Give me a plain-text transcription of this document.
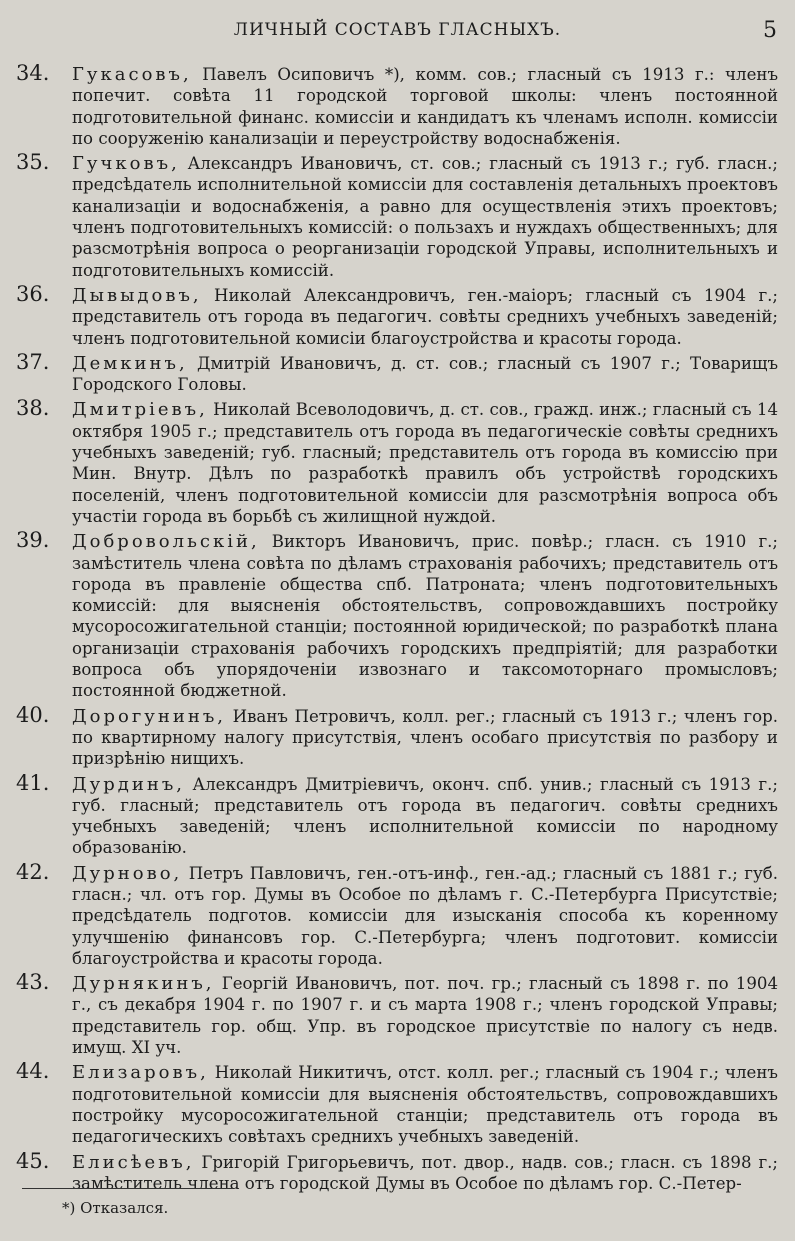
ЛИЧНЫЙ СОСТАВЪ ГЛАСНЫХЪ.	5
34. Гукасовъ, Павелъ Осиповичъ *), комм. сов.; гласный съ 1913 г.: членъ попечит. совѣта 11 городской торговой школы: членъ постоянной подготовительной финанс. комиссіи и кандидатъ къ членамъ исполн. комиссіи по сооруженію канализаціи и переустройству водоснабженія.
35. Гучковъ, Александръ Ивановичъ, ст. сов.; гласный съ 1913 г.; губ. гласн.; предсѣдатель исполнительной комиссіи для составленія детальныхъ проектовъ канализаціи и водоснабженія, а равно для осуществленія этихъ проектовъ; членъ подготовительныхъ комиссій: о пользахъ и нуждахъ общественныхъ; для разсмотрѣнія вопроса о реорганизаціи городской Управы, исполнительныхъ и подготовительныхъ комиссій.
36. Дывыдовъ, Николай Александровичъ, ген.-маіоръ; гласный съ 1904 г.; представитель отъ города въ педагогич. совѣты среднихъ учебныхъ заведеній; членъ подготовительной комисіи благоустройства и красоты города.
37. Демкинъ, Дмитрій Ивановичъ, д. ст. сов.; гласный съ 1907 г.; Товарищъ Городского Головы.
38. Дмитріевъ, Николай Всеволодовичъ, д. ст. сов., гражд. инж.; гласный съ 14 октября 1905 г.; представитель отъ города въ педагогическіе совѣты среднихъ учебныхъ заведеній; губ. гласный; представитель отъ города въ комиссію при Мин. Внутр. Дѣлъ по разработкѣ правилъ объ устройствѣ городскихъ поселеній, членъ подготовительной комиссіи для разсмотрѣнія вопроса объ участіи города въ борьбѣ съ жилищной нуждой.
39. Добровольскій, Викторъ Ивановичъ, прис. повѣр.; гласн. съ 1910 г.; замѣститель члена совѣта по дѣламъ страхованія рабочихъ; представитель отъ города въ правленіе общества спб. Патроната; членъ подготовительныхъ комиссій: для выясненія обстоятельствъ, сопровождавшихъ постройку мусоросожигательной станціи; постоянной юридической; по разработкѣ плана организаціи страхованія рабочихъ городскихъ предпріятій; для разработки вопроса объ упорядоченіи извознаго и таксомоторнаго промысловъ; постоянной бюджетной.
40. Дорогунинъ, Иванъ Петровичъ, колл. рег.; гласный съ 1913 г.; членъ гор. по квартирному налогу присутствія, членъ особаго присутствія по разбору и призрѣнію нищихъ.
41. Дурдинъ, Александръ Дмитріевичъ, оконч. спб. унив.; гласный съ 1913 г.; губ. гласный; представитель отъ города въ педагогич. совѣты среднихъ учебныхъ заведеній; членъ исполнительной комиссіи по народному образованію.
42. Дурново, Петръ Павловичъ, ген.-отъ-инф., ген.-ад.; гласный съ 1881 г.; губ. гласн.; чл. отъ гор. Думы въ Особое по дѣламъ г. С.-Петербурга Присутствіе; предсѣдатель подготов. комиссіи для изысканія способа къ коренному улучшенію финансовъ гор. С.-Петербурга; членъ подготовит. комиссіи благоустройства и красоты города.
43. Дурнякинъ, Георгій Ивановичъ, пот. поч. гр.; гласный съ 1898 г. по 1904 г., съ декабря 1904 г. по 1907 г. и съ марта 1908 г.; членъ городской Управы; представитель гор. общ. Упр. въ городское присутствіе по налогу съ недв. имущ. XI уч.
44. Елизаровъ, Николай Никитичъ, отст. колл. рег.; гласный съ 1904 г.; членъ подготовительной комиссіи для выясненія обстоятельствъ, сопровождавшихъ постройку мусоросожигательной станціи; представитель отъ города въ педагогическихъ совѣтахъ среднихъ учебныхъ заведеній.
45. Елисѣевъ, Григорій Григорьевичъ, пот. двор., надв. сов.; гласн. съ 1898 г.; замѣститель члена отъ городской Думы въ Особое по дѣламъ гор. С.-Петер-
*) Отказался.
